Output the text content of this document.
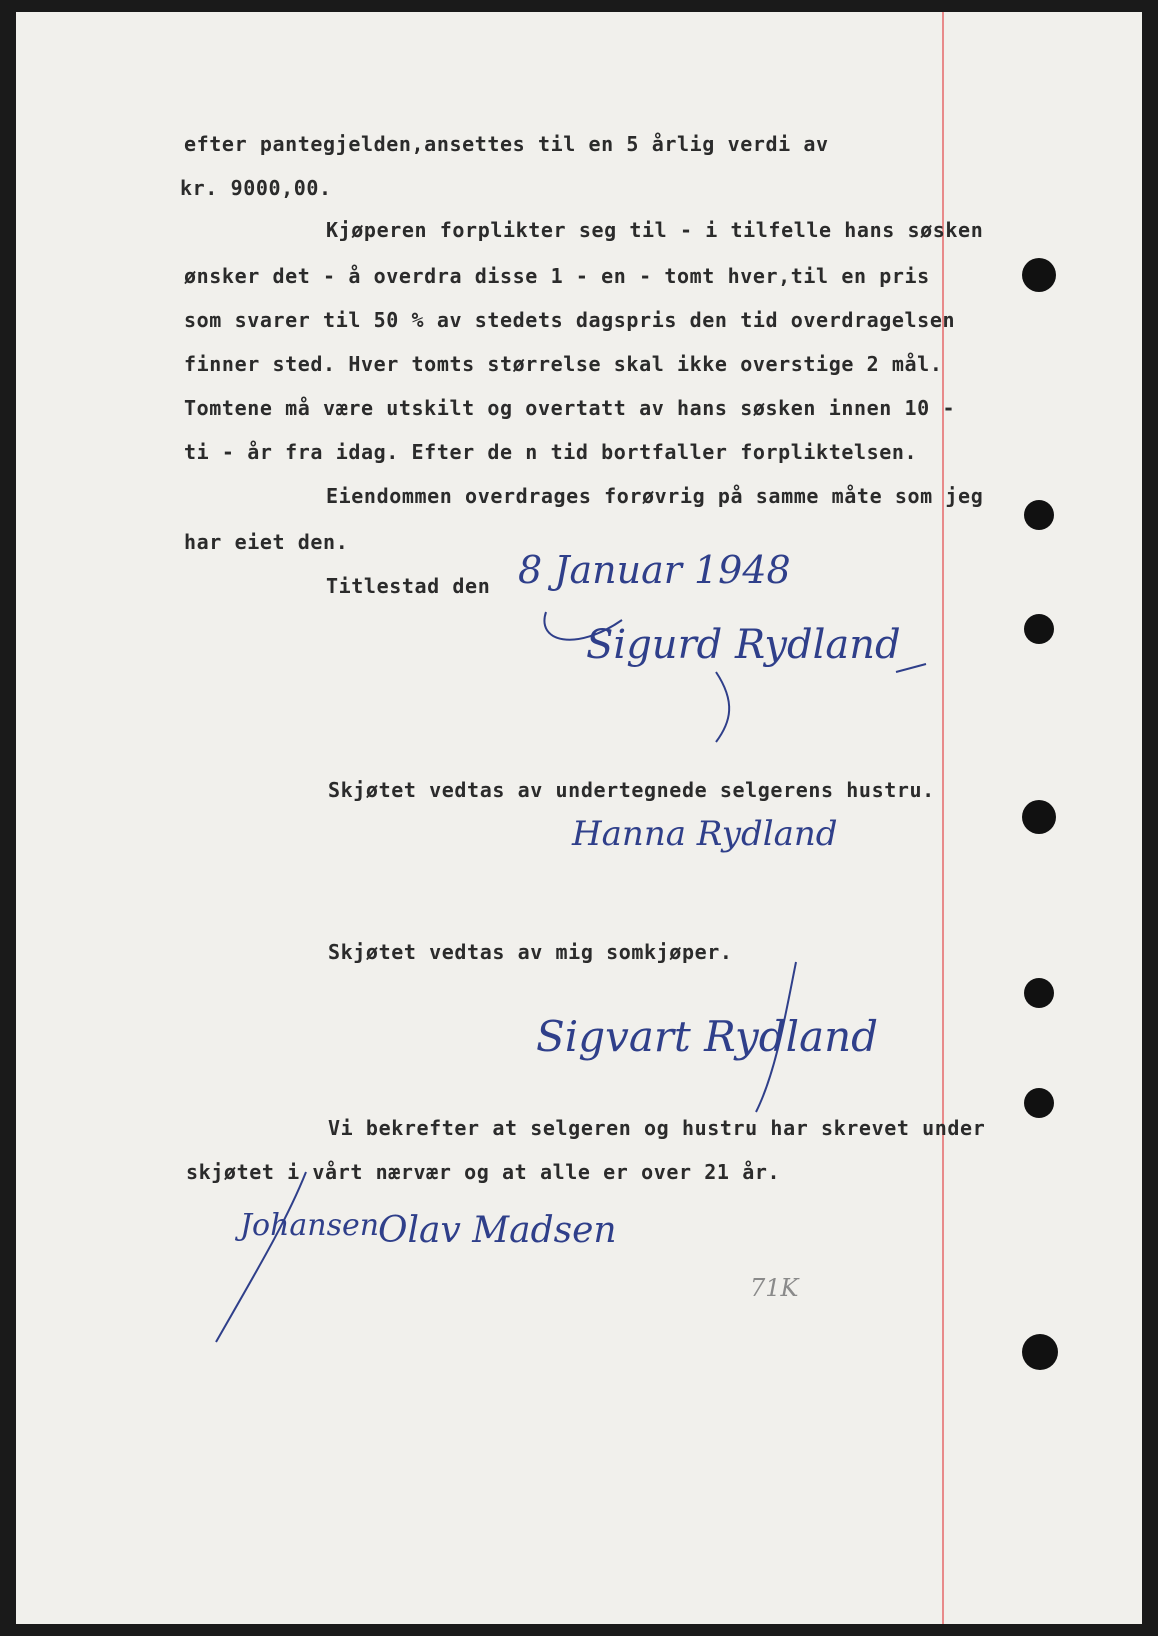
efter pantegjelden,ansettes til en 5 årlig verdi av
kr. 9000,00.
Kjøperen forplikter seg til - i tilfelle hans søsken
ønsker det - å overdra disse 1 - en - tomt hver,til en pris
som svarer til 50 % av stedets dagspris den tid overdragelsen
finner sted. Hver tomts størrelse skal ikke overstige 2 mål.
Tomtene må være utskilt og overtatt av hans søsken innen 10 -
ti - år fra idag. Efter de n tid bortfaller forpliktelsen.
Eiendommen overdrages forøvrig på samme måte som jeg
har eiet den.
Titlestad den
Skjøtet vedtas av undertegnede selgerens hustru.
Skjøtet vedtas av mig somkjøper.
Vi bekrefter at selgeren og hustru har skrevet under
skjøtet i vårt nærvær og at alle er over 21 år.
8 Januar 1948
Sigurd Rydland
Hanna Rydland
Sigvart Rydland
Johansen
Olav Madsen
71K
